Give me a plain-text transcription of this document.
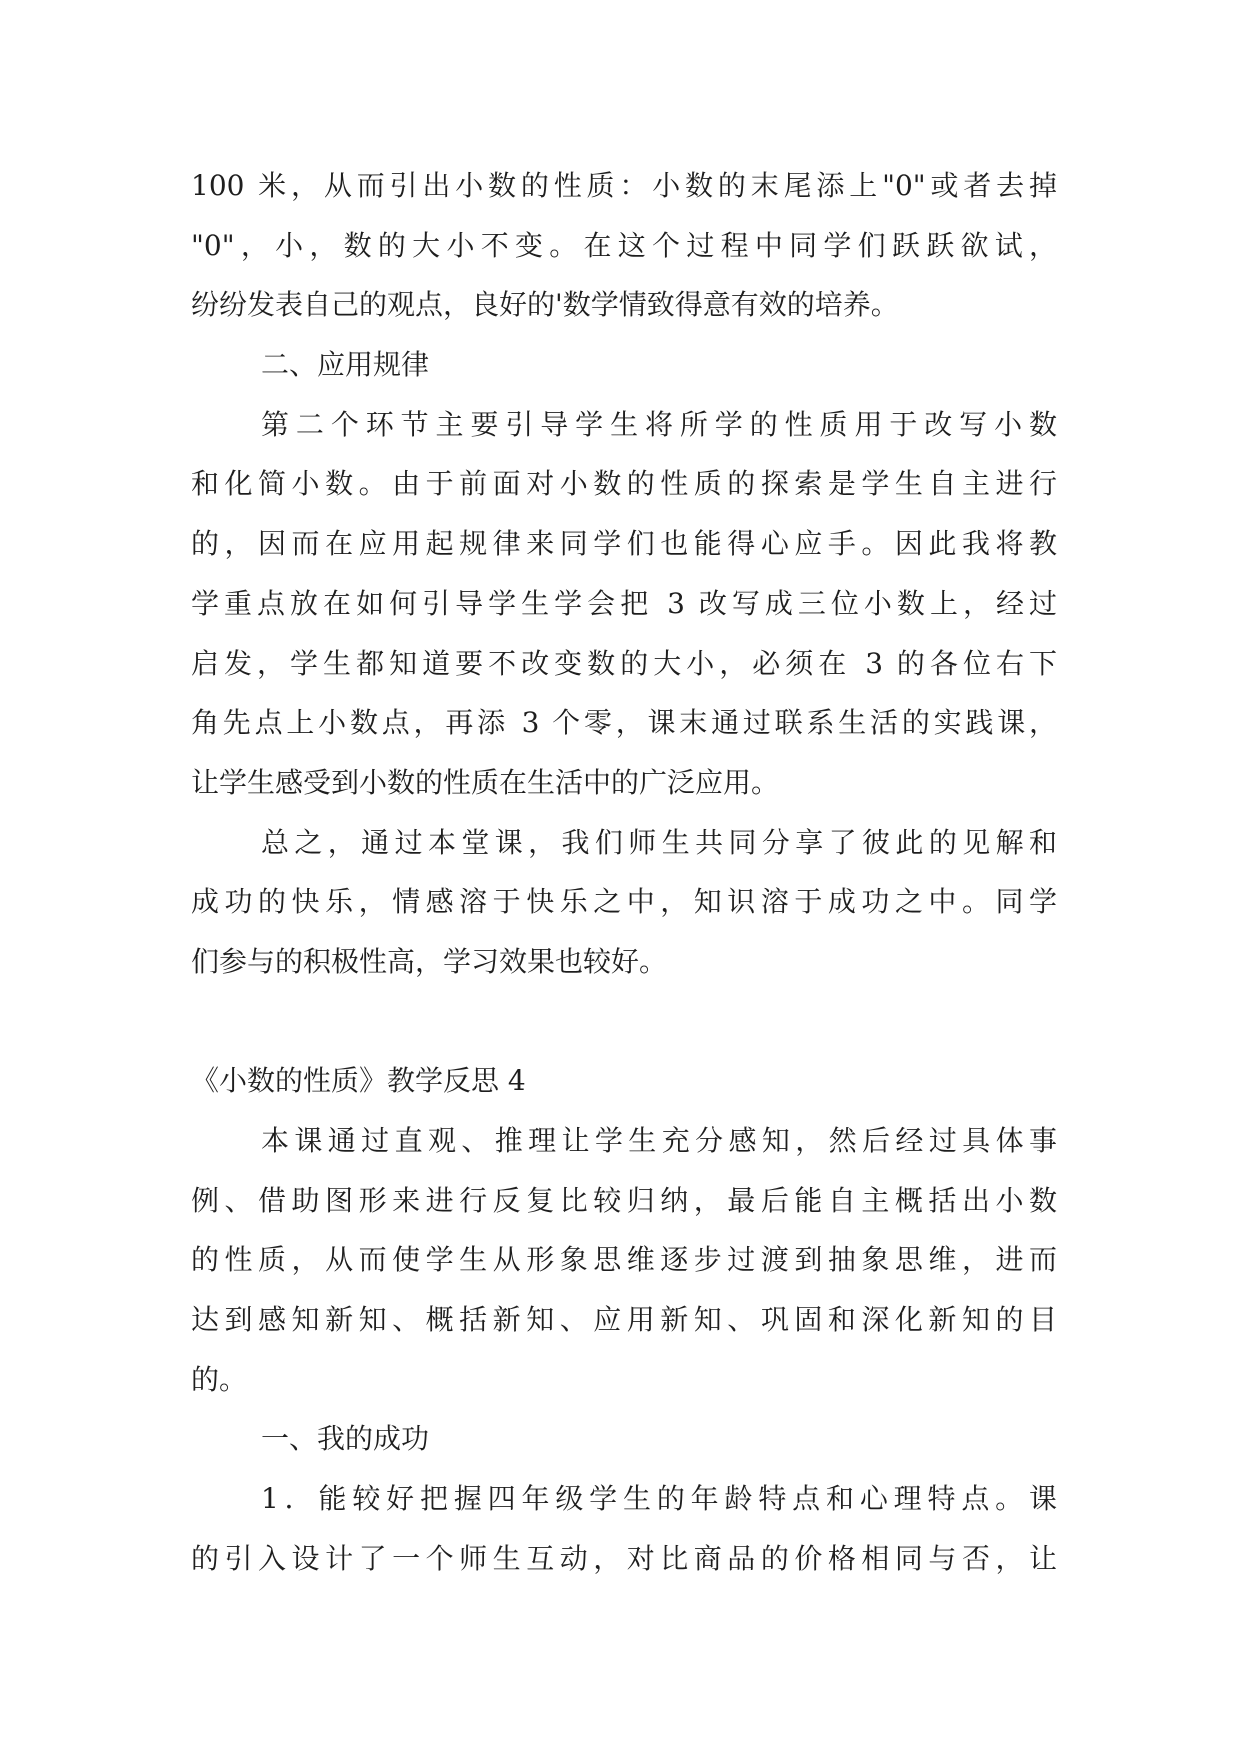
100 米，从而引出小数的性质：小数的末尾添上"0"或者去掉
"0"，小，数的大小不变。在这个过程中同学们跃跃欲试，
纷纷发表自己的观点，良好的'数学情致得意有效的培养。
二、应用规律
第二个环节主要引导学生将所学的性质用于改写小数
和化简小数。由于前面对小数的性质的探索是学生自主进行
的，因而在应用起规律来同学们也能得心应手。因此我将教
学重点放在如何引导学生学会把 3 改写成三位小数上，经过
启发，学生都知道要不改变数的大小，必须在 3 的各位右下
角先点上小数点，再添 3 个零，课末通过联系生活的实践课，
让学生感受到小数的性质在生活中的广泛应用。
总之，通过本堂课，我们师生共同分享了彼此的见解和
成功的快乐，情感溶于快乐之中，知识溶于成功之中。同学
们参与的积极性高，学习效果也较好。
《小数的性质》教学反思 4
本课通过直观、推理让学生充分感知，然后经过具体事
例、借助图形来进行反复比较归纳，最后能自主概括出小数
的性质，从而使学生从形象思维逐步过渡到抽象思维，进而
达到感知新知、概括新知、应用新知、巩固和深化新知的目
的。
一、我的成功
1．能较好把握四年级学生的年龄特点和心理特点。课
的引入设计了一个师生互动，对比商品的价格相同与否，让
